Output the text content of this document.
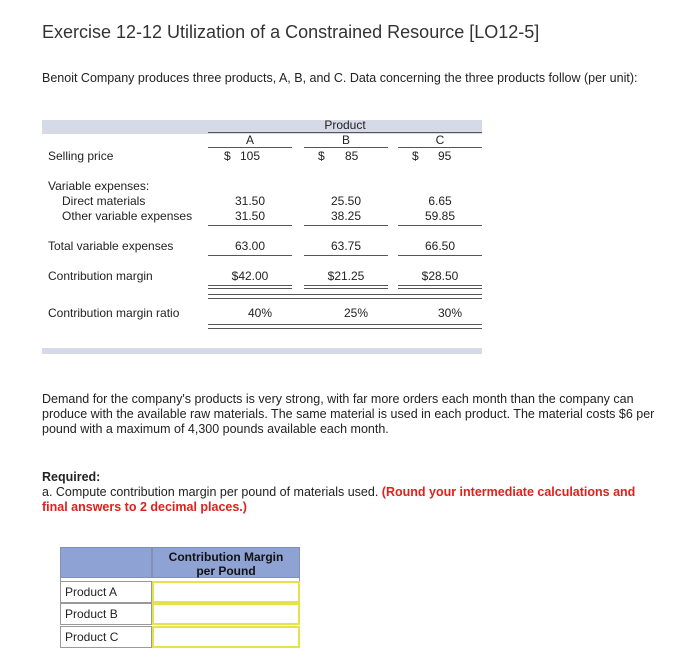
Exercise 12-12 Utilization of a Constrained Resource [LO12-5]
Benoit Company produces three products, A, B, and C. Data concerning the three products follow (per unit):
Product
A	B	C
Selling price	$ 105	$ 85	$ 95
Variable expenses:
Direct materials	31.50	25.50	6.65
Other variable expenses	31.50	38.25	59.85
Total variable expenses	63.00	63.75	66.50
Contribution margin	$42.00	$21.25	$28.50
Contribution margin ratio	40%	25%	30%
Demand for the company's products is very strong, with far more orders each month than the company can produce with the available raw materials. The same material is used in each product. The material costs $6 per pound with a maximum of 4,300 pounds available each month.
Required:
a. Compute contribution margin per pound of materials used. (Round your intermediate calculations and final answers to 2 decimal places.)
Contribution Margin
per Pound
Product A
Product B
Product C
